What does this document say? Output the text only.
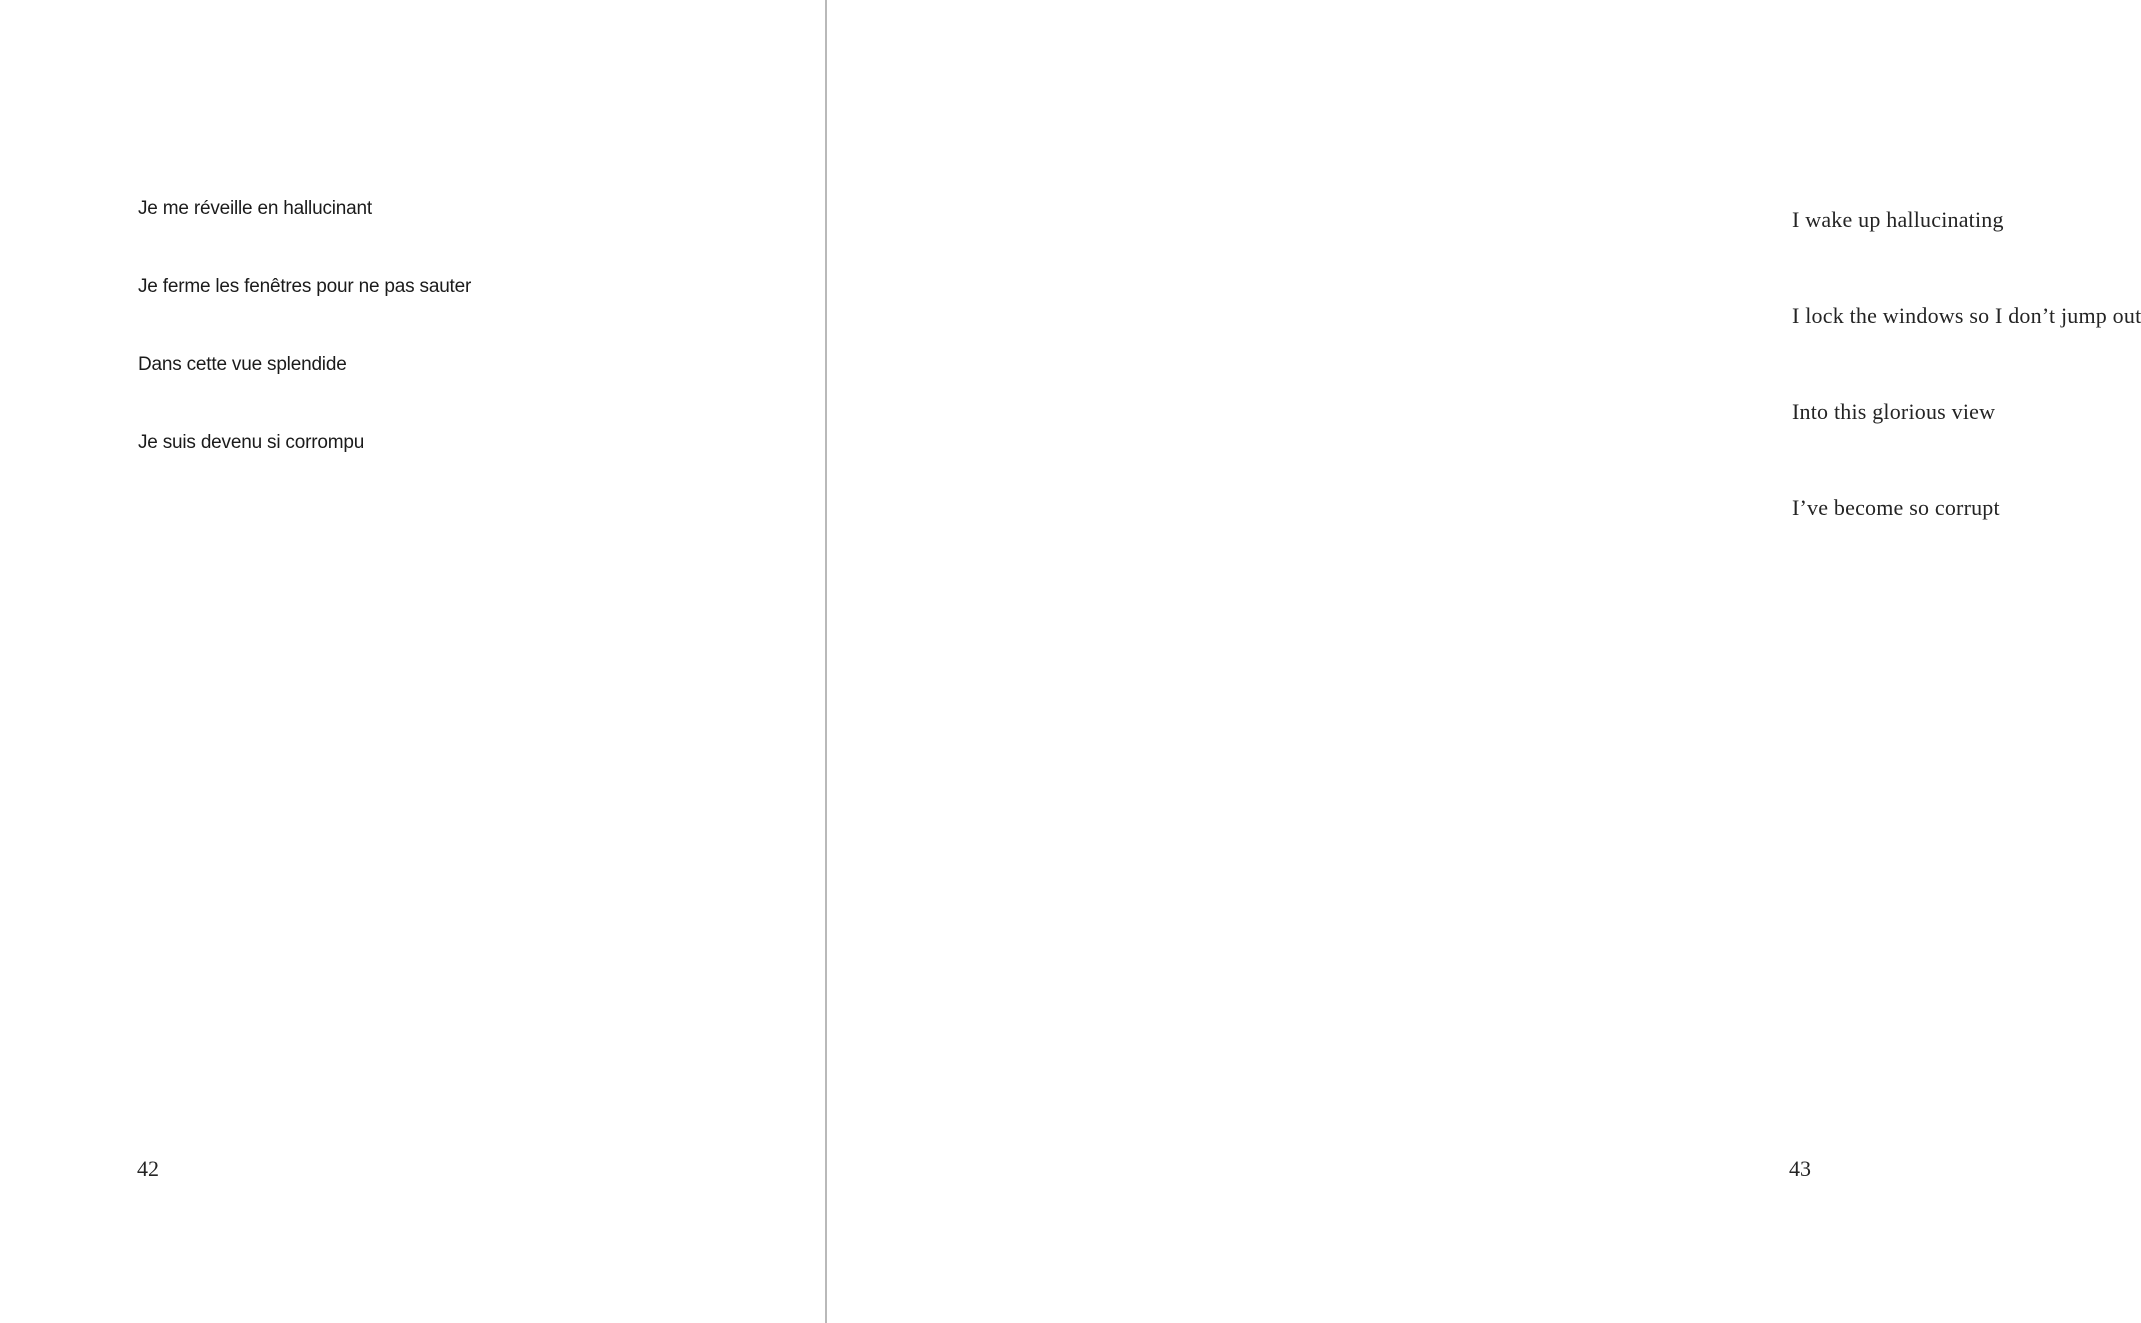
Je me réveille en hallucinant

Je ferme les fenêtres pour ne pas sauter

Dans cette vue splendide

Je suis devenu si corrompu

42

I wake up hallucinating

I lock the windows so I don’t jump out

Into this glorious view

I’ve become so corrupt

43
